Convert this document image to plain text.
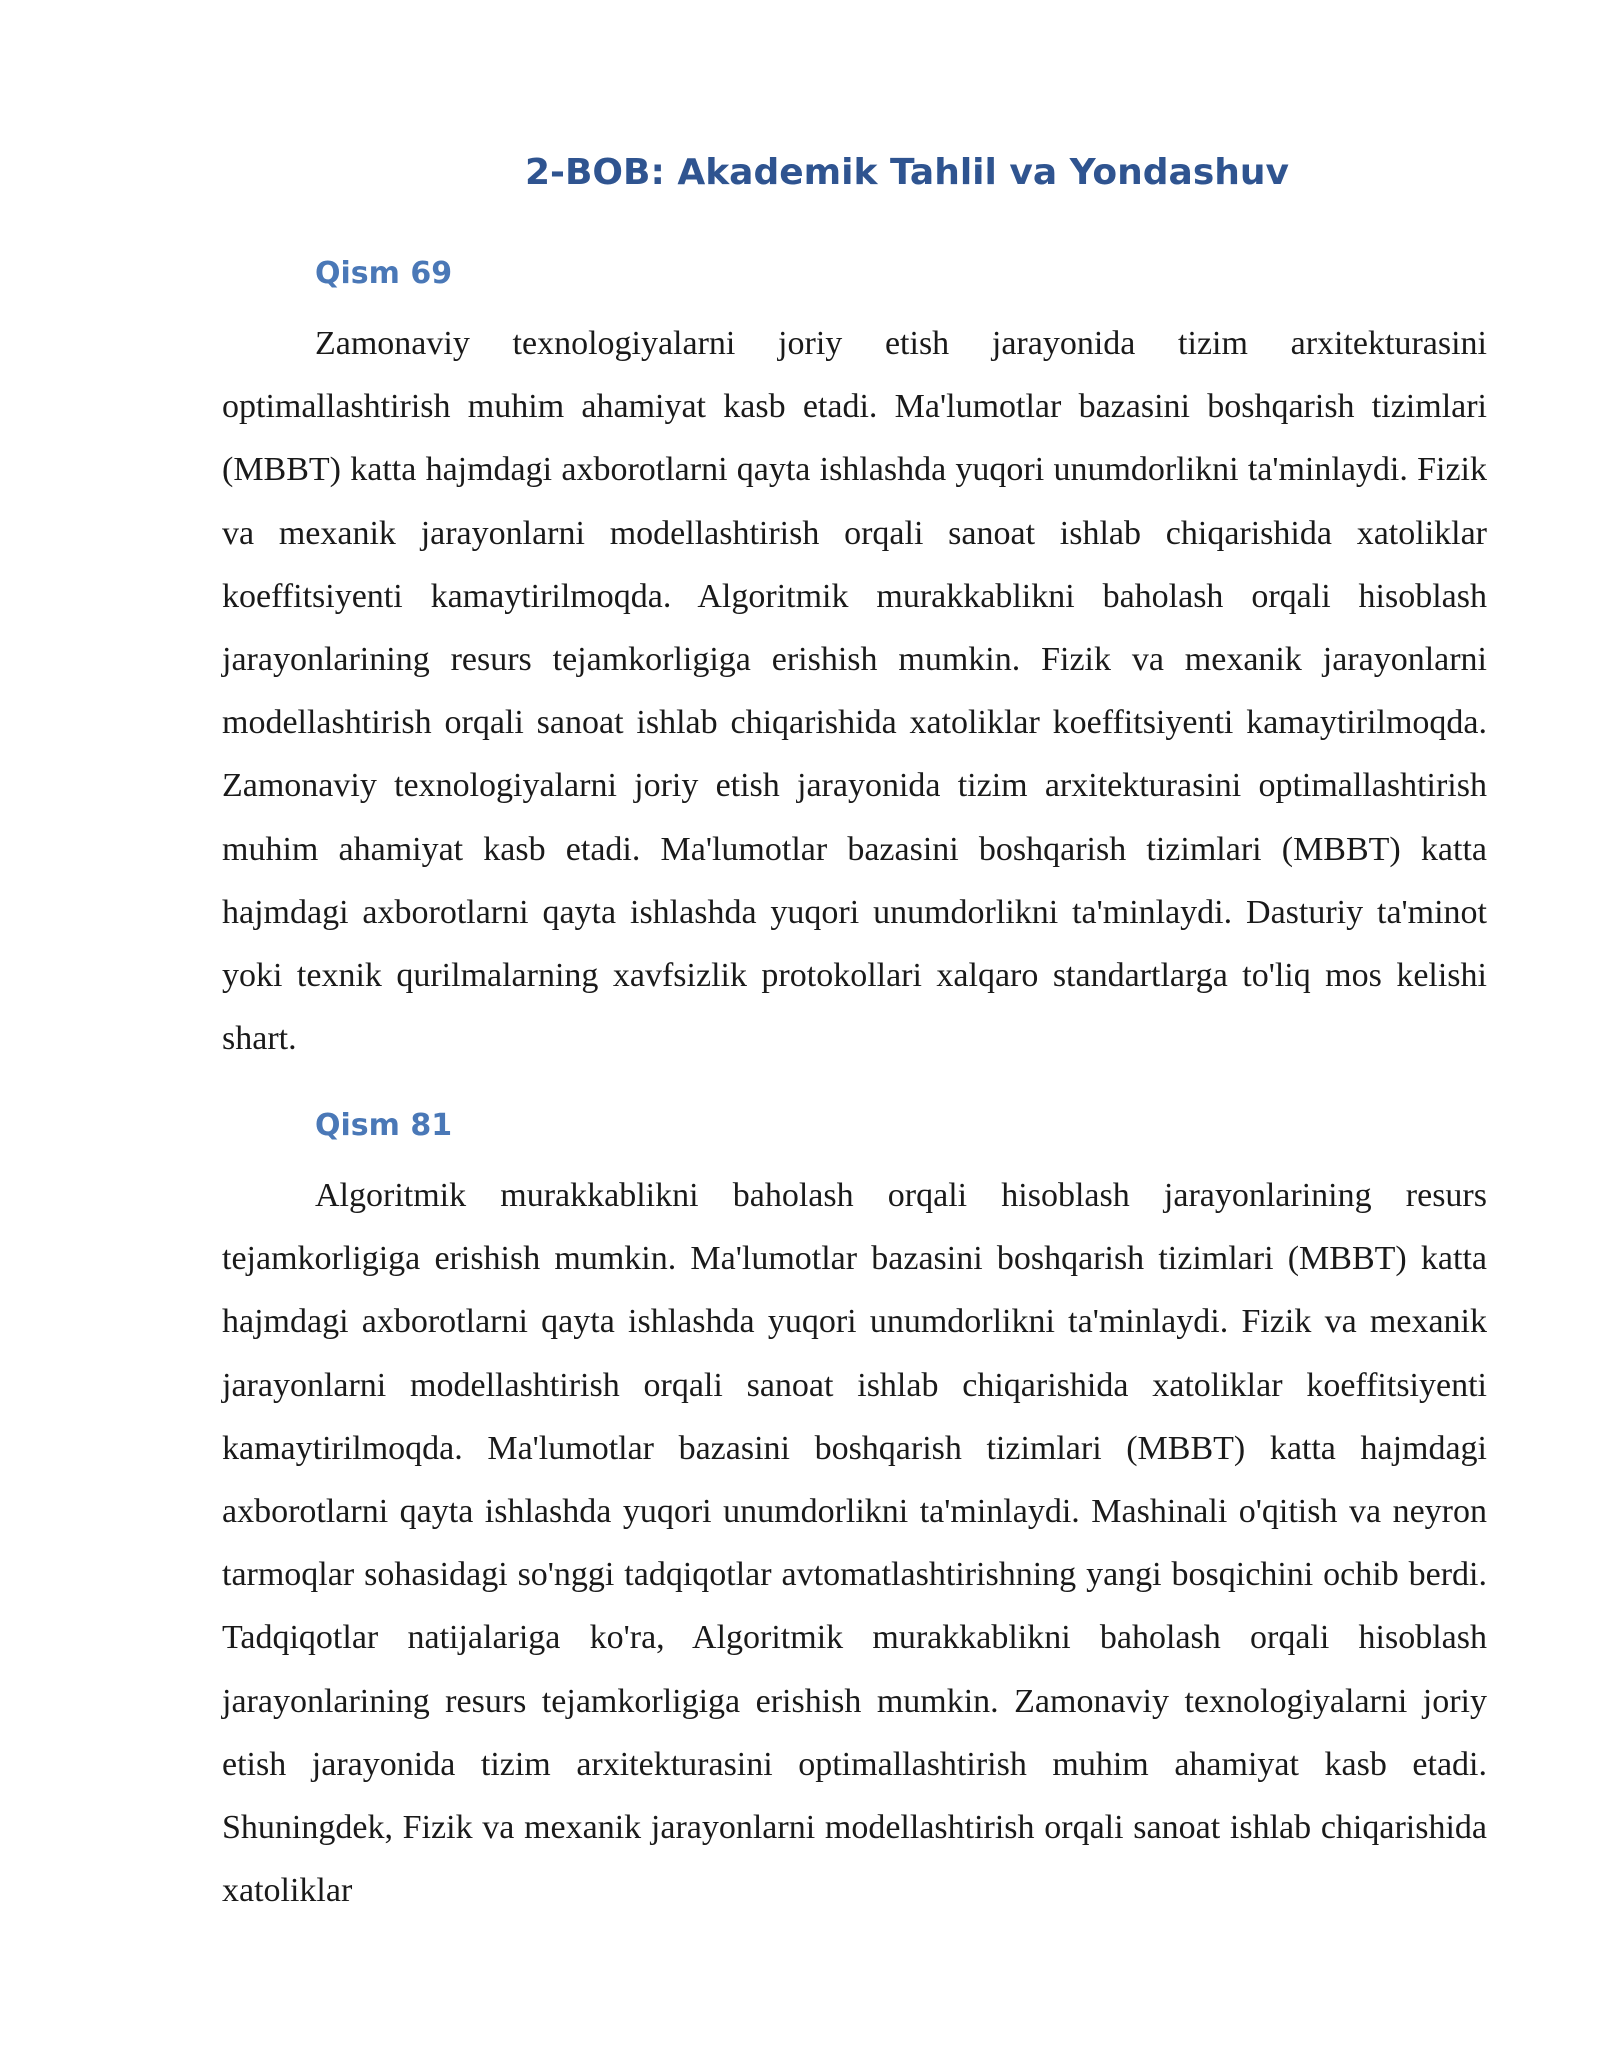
2-BOB: Akademik Tahlil va Yondashuv
Qism 69

Zamonaviy texnologiyalarni joriy etish jarayonida tizim arxitekturasini optimallashtirish muhim ahamiyat kasb etadi. Ma'lumotlar bazasini boshqarish tizimlari (MBBT) katta hajmdagi axborotlarni qayta ishlashda yuqori unumdorlikni ta'minlaydi. Fizik va mexanik jarayonlarni modellashtirish orqali sanoat ishlab chiqarishida xatoliklar koeffitsiyenti kamaytirilmoqda. Algoritmik murakkablikni baholash orqali hisoblash jarayonlarining resurs tejamkorligiga erishish mumkin. Fizik va mexanik jarayonlarni modellashtirish orqali sanoat ishlab chiqarishida xatoliklar koeffitsiyenti kamaytirilmoqda. Zamonaviy texnologiyalarni joriy etish jarayonida tizim arxitekturasini optimallashtirish muhim ahamiyat kasb etadi. Ma'lumotlar bazasini boshqarish tizimlari (MBBT) katta hajmdagi axborotlarni qayta ishlashda yuqori unumdorlikni ta'minlaydi. Dasturiy ta'minot yoki texnik qurilmalarning xavfsizlik protokollari xalqaro standartlarga to'liq mos kelishi shart.

Qism 81

Algoritmik murakkablikni baholash orqali hisoblash jarayonlarining resurs tejamkorligiga erishish mumkin. Ma'lumotlar bazasini boshqarish tizimlari (MBBT) katta hajmdagi axborotlarni qayta ishlashda yuqori unumdorlikni ta'minlaydi. Fizik va mexanik jarayonlarni modellashtirish orqali sanoat ishlab chiqarishida xatoliklar koeffitsiyenti kamaytirilmoqda. Ma'lumotlar bazasini boshqarish tizimlari (MBBT) katta hajmdagi axborotlarni qayta ishlashda yuqori unumdorlikni ta'minlaydi. Mashinali o'qitish va neyron tarmoqlar sohasidagi so'nggi tadqiqotlar avtomatlashtirishning yangi bosqichini ochib berdi. Tadqiqotlar natijalariga ko'ra, Algoritmik murakkablikni baholash orqali hisoblash jarayonlarining resurs tejamkorligiga erishish mumkin. Zamonaviy texnologiyalarni joriy etish jarayonida tizim arxitekturasini optimallashtirish muhim ahamiyat kasb etadi. Shuningdek, Fizik va mexanik jarayonlarni modellashtirish orqali sanoat ishlab chiqarishida xatoliklar
